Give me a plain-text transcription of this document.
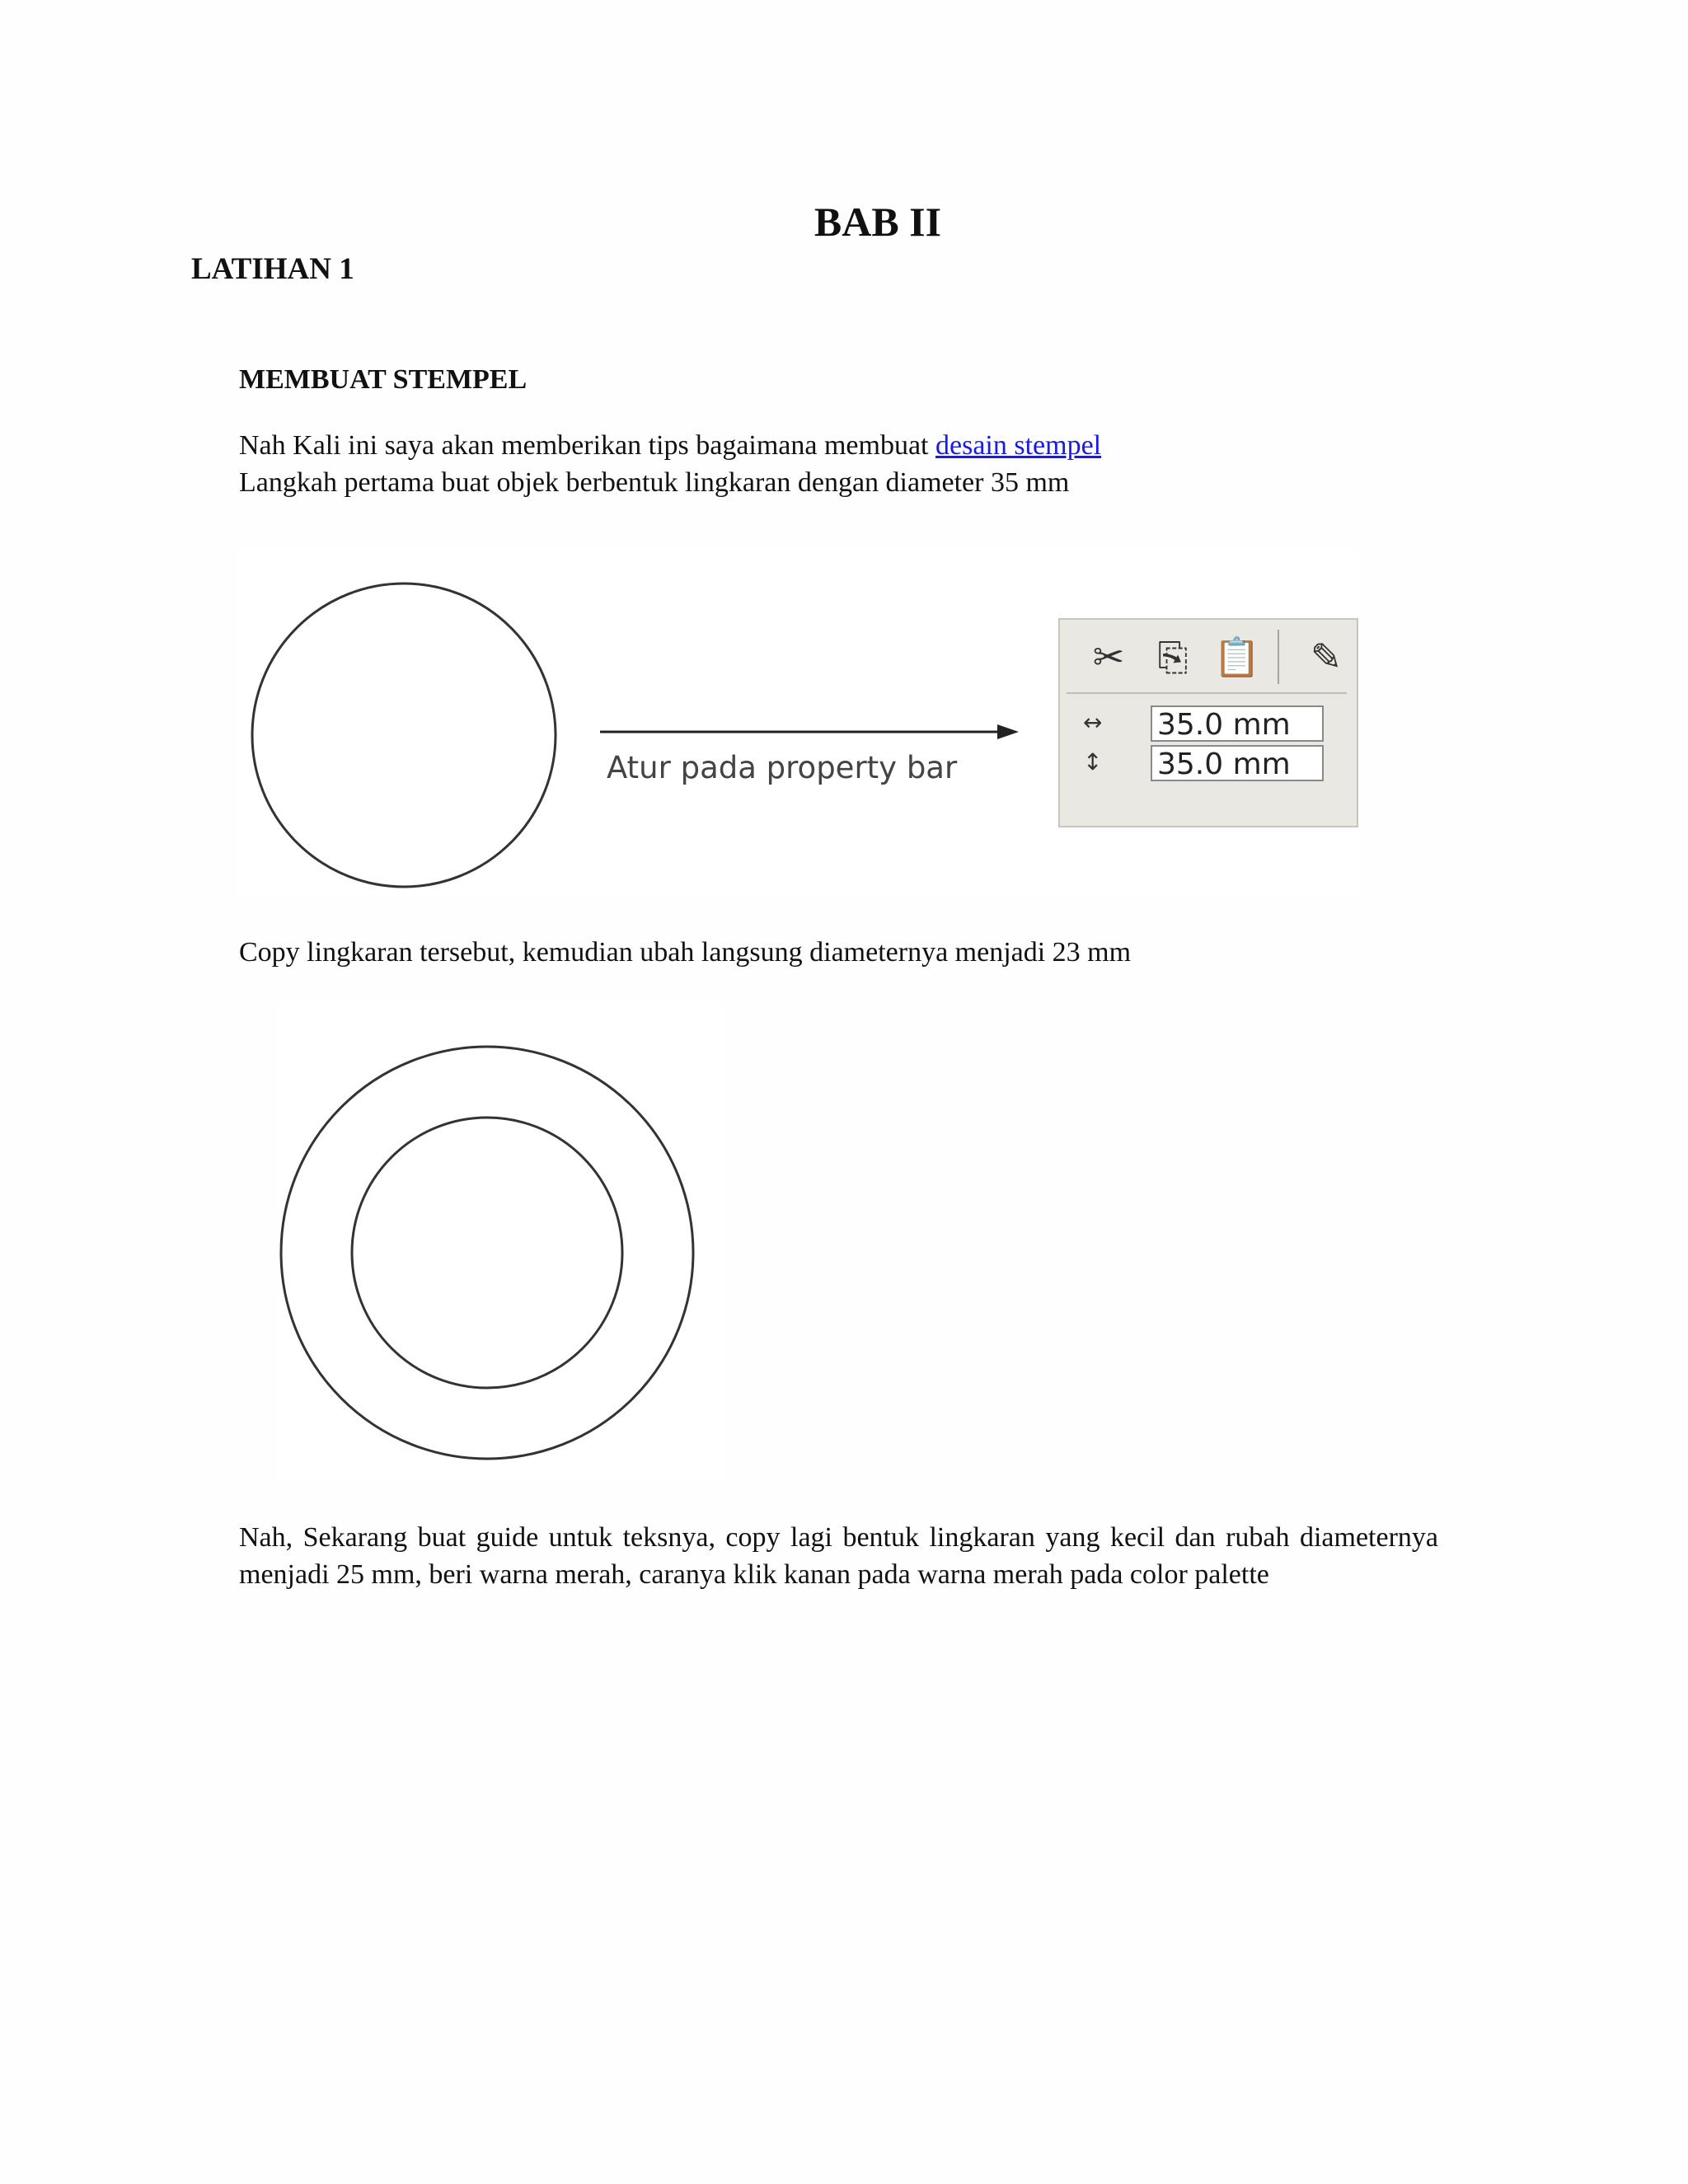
BAB II
LATIHAN 1
MEMBUAT STEMPEL
Nah Kali ini saya akan memberikan tips bagaimana membuat desain stempel
Langkah pertama buat objek berbentuk lingkaran dengan diameter 35 mm
Atur pada property bar
✂ ⎘ 📋 ✎
↔ 35.0 mm
↕ 35.0 mm
Copy lingkaran tersebut, kemudian ubah langsung diameternya menjadi 23 mm
Nah, Sekarang buat guide untuk teksnya, copy lagi bentuk lingkaran yang kecil dan rubah diameternya menjadi 25 mm, beri warna merah, caranya klik kanan pada warna merah pada color palette
